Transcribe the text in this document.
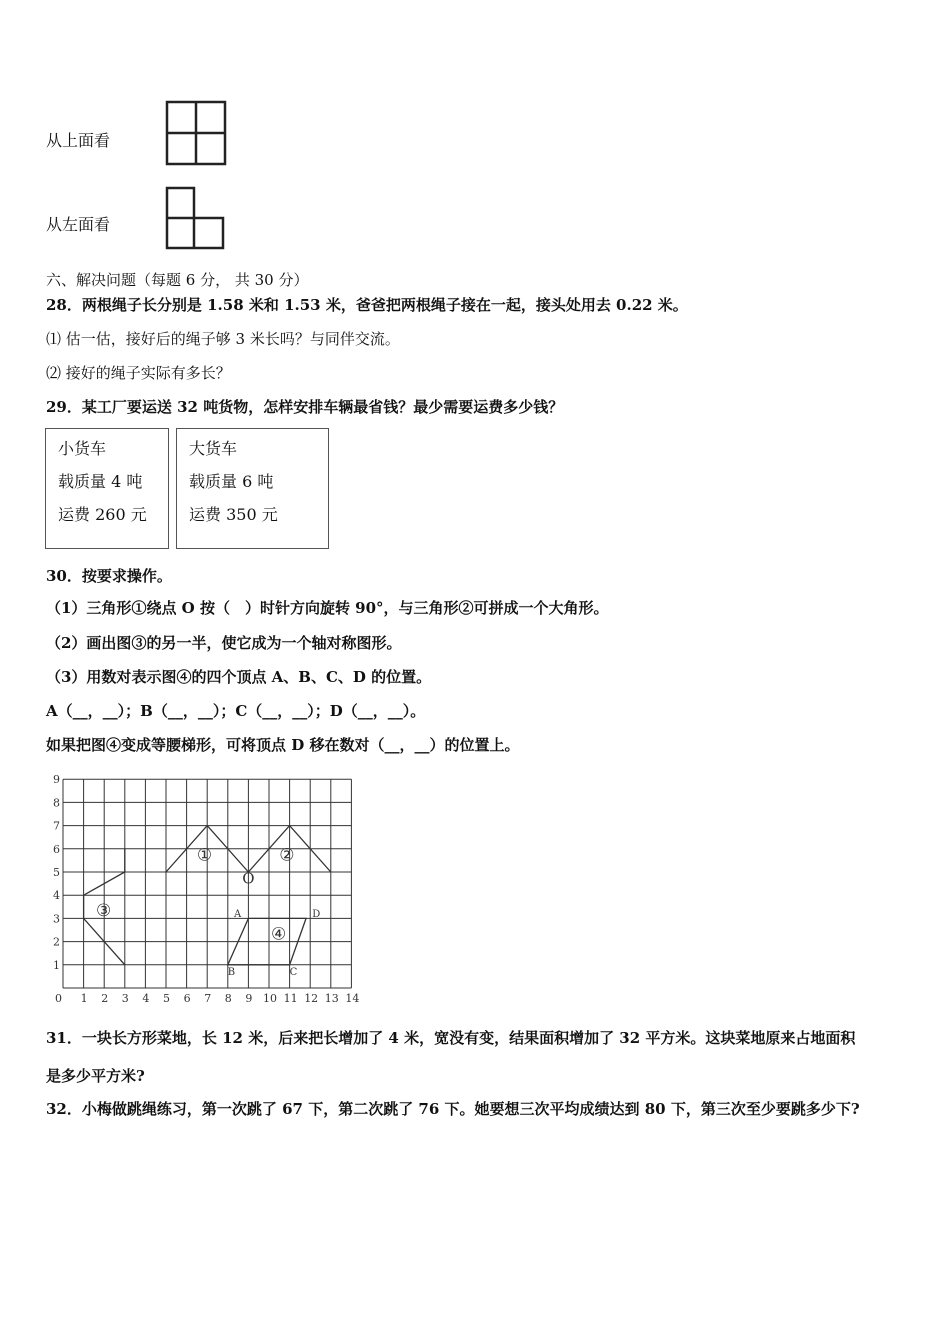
从上面看
从左面看
六、解决问题（每题 6 分， 共 30 分）
28．两根绳子长分别是 1.58 米和 1.53 米，爸爸把两根绳子接在一起，接头处用去 0.22 米。
⑴ 估一估，接好后的绳子够 3 米长吗？与同伴交流。
⑵ 接好的绳子实际有多长？
29．某工厂要运送 32 吨货物，怎样安排车辆最省钱？最少需要运费多少钱？

小货车

载质量 4 吨

运费 260 元

大货车

载质量 6 吨

运费 350 元

30．按要求操作。
（1）三角形①绕点 O 按（　）时针方向旋转 90°，与三角形②可拼成一个大角形。
（2）画出图③的另一半，使它成为一个轴对称图形。
（3）用数对表示图④的四个顶点 A、B、C、D 的位置。
A（__，__）；B（__，__）；C（__，__）；D（__，__）。
如果把图④变成等腰梯形，可将顶点 D 移在数对（__，__）的位置上。
0 1 2 3 4 5 6 7 8 9 10 11 12 13 14
1
2
3
4
5
6
7
8
9
①	②
③
④
O
A
B	C
D
31．一块长方形菜地，长 12 米，后来把长增加了 4 米，宽没有变，结果面积增加了 32 平方米。这块菜地原来占地面积
是多少平方米?
32．小梅做跳绳练习，第一次跳了 67 下，第二次跳了 76 下。她要想三次平均成绩达到 80 下，第三次至少要跳多少下?
